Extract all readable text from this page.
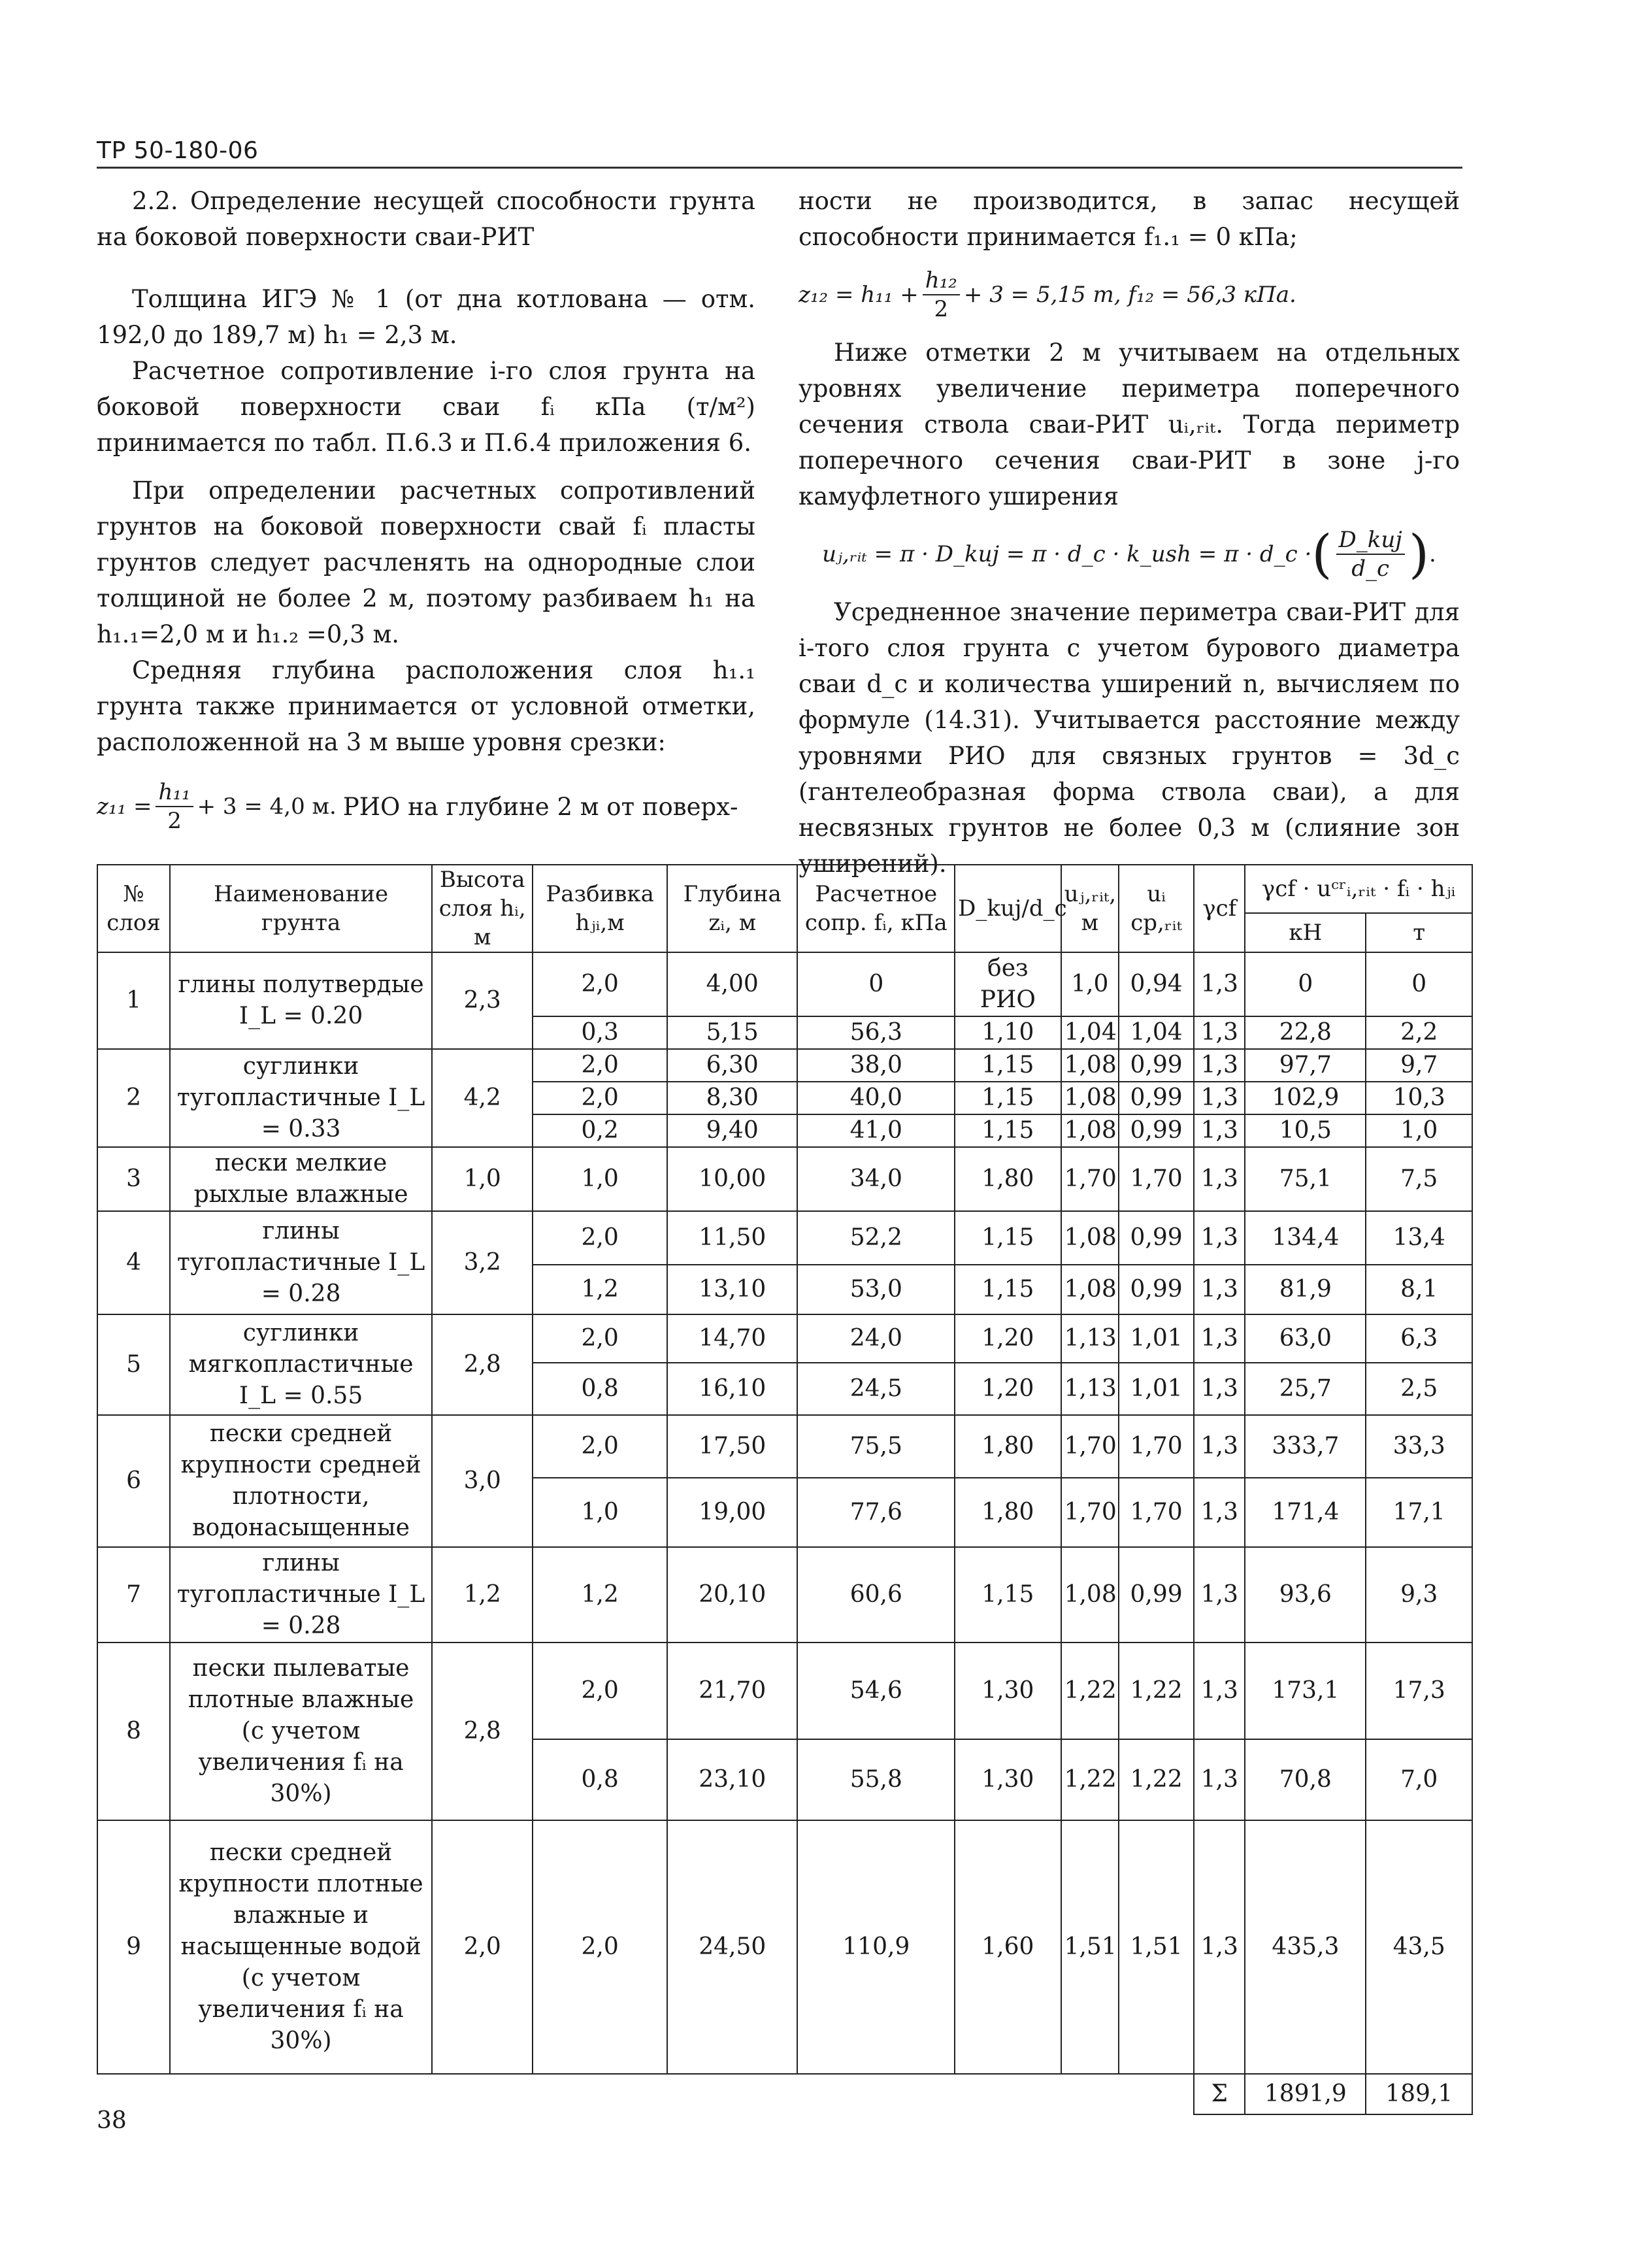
ТР 50-180-06

2.2. Определение несущей способности грунта на боковой поверхности сваи-РИТ

Толщина ИГЭ № 1 (от дна котлована — отм. 192,0 до 189,7 м) h₁ = 2,3 м.

Расчетное сопротивление i-го слоя грунта на боковой поверхности сваи fᵢ кПа (т/м²) принимается по табл. П.6.3 и П.6.4 приложения 6.

При определении расчетных сопротивлений грунтов на боковой поверхности свай fᵢ пласты грунтов следует расчленять на однородные слои толщиной не более 2 м, поэтому разбиваем h₁ на h₁.₁=2,0 м и h₁.₂ =0,3 м.

Средняя глубина расположения слоя h₁.₁ грунта также принимается от условной отметки, расположенной на 3 м выше уровня срезки:

$z_{11} = \frac{\text{h₁₁}}{2} + 3 = 4,0$ м. РИО на глубине 2 м от поверх-

ности не производится, в запас несущей способности принимается f₁.₁ = 0 кПа;

$z_{12} = h_{11} + \frac{\text{h₁₂}}{2} + 3 = 5,15$ m, f₁₂ = 56,3 кПа.

Ниже отметки 2 м учитываем на отдельных уровнях увеличение периметра поперечного сечения ствола сваи-РИТ uᵢ,ᵣᵢₜ. Тогда периметр поперечного сечения сваи-РИТ в зоне j-го камуфлетного уширения

uⱼ,ᵣᵢₜ = π · D_kuj = π · d_c · k_ush = π · d_c · ( $\frac{\text{D\_kuj}}{d\_c}$ ) .

Усредненное значение периметра сваи-РИТ для i-того слоя грунта с учетом бурового диаметра сваи d_c и количества уширений n, вычисляем по формуле (14.31). Учитывается расстояние между уровнями РИО для связных грунтов = 3d_c (гантелеобразная форма ствола сваи), а для несвязных грунтов не более 0,3 м (слияние зон уширений).

№ слоя	Наименование грунта	Высота слоя hᵢ, м	Разбивка hⱼᵢ,м	Глубина zᵢ, м	Расчетное сопр. fᵢ, кПа	D_kuj/d_c	uⱼ,ᵣᵢₜ, м	uᵢ cp,ᵣᵢₜ	γcf	γcf · uᶜʳᵢ,ᵣᵢₜ · fᵢ · hⱼᵢ	
										кН	т
1	глины полутвердые I_L = 0.20	2,3	2,0	4,00	0	без РИО	1,0	0,94	1,3	0	0
			0,3	5,15	56,3	1,10	1,04	1,04	1,3	22,8	2,2
2	суглинки тугопластичные I_L = 0.33	4,2	2,0	6,30	38,0	1,15	1,08	0,99	1,3	97,7	9,7
			2,0	8,30	40,0	1,15	1,08	0,99	1,3	102,9	10,3
			0,2	9,40	41,0	1,15	1,08	0,99	1,3	10,5	1,0
3	пески мелкие рыхлые влажные	1,0	1,0	10,00	34,0	1,80	1,70	1,70	1,3	75,1	7,5
4	глины тугопластичные I_L = 0.28	3,2	2,0	11,50	52,2	1,15	1,08	0,99	1,3	134,4	13,4
			1,2	13,10	53,0	1,15	1,08	0,99	1,3	81,9	8,1
5	суглинки мягкопластичные I_L = 0.55	2,8	2,0	14,70	24,0	1,20	1,13	1,01	1,3	63,0	6,3
			0,8	16,10	24,5	1,20	1,13	1,01	1,3	25,7	2,5
6	пески средней крупности средней плотности, водонасыщенные	3,0	2,0	17,50	75,5	1,80	1,70	1,70	1,3	333,7	33,3
			1,0	19,00	77,6	1,80	1,70	1,70	1,3	171,4	17,1
7	глины тугопластичные I_L = 0.28	1,2	1,2	20,10	60,6	1,15	1,08	0,99	1,3	93,6	9,3
8	пески пылеватые плотные влажные (с учетом увеличения fᵢ на 30%)	2,8	2,0	21,70	54,6	1,30	1,22	1,22	1,3	173,1	17,3
			0,8	23,10	55,8	1,30	1,22	1,22	1,3	70,8	7,0
9	пески средней крупности плотные влажные и насыщенные водой (с учетом увеличения fᵢ на 30%)	2,0	2,0	24,50	110,9	1,60	1,51	1,51	1,3	435,3	43,5
									Σ	1891,9	189,1
38
